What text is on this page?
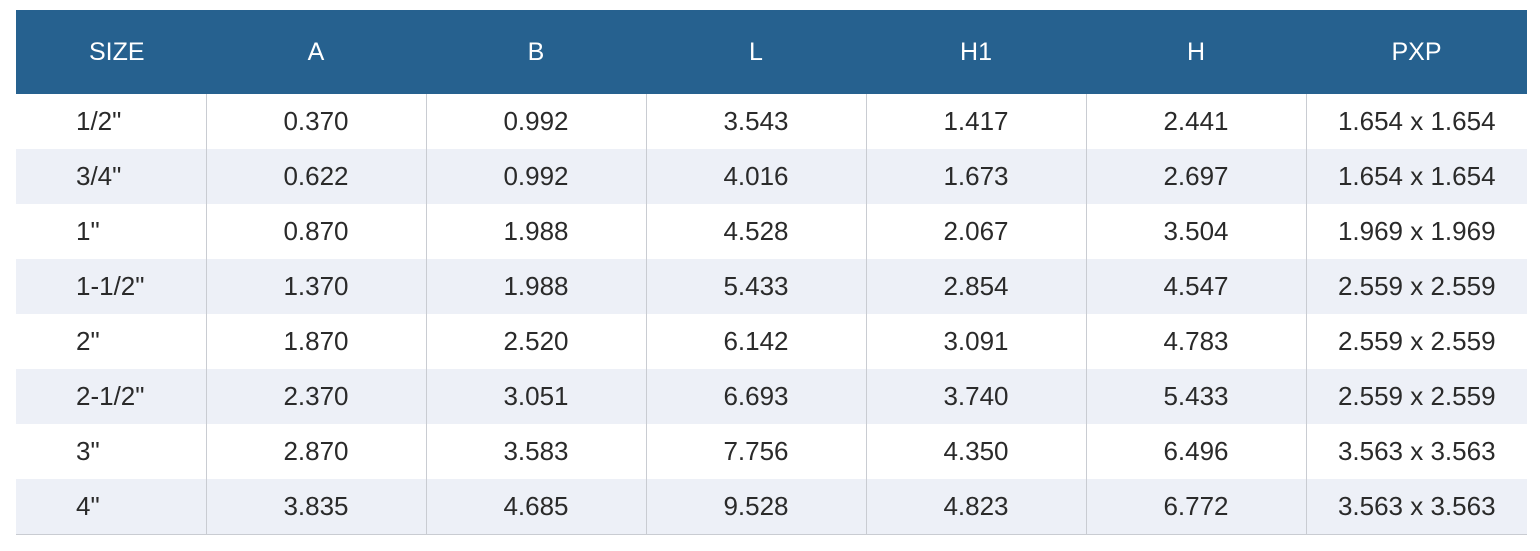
SIZE	A	B	L	H1	H	PXP
1/2"	0.370	0.992	3.543	1.417	2.441	1.654 x 1.654
3/4"	0.622	0.992	4.016	1.673	2.697	1.654 x 1.654
1"	0.870	1.988	4.528	2.067	3.504	1.969 x 1.969
1-1/2"	1.370	1.988	5.433	2.854	4.547	2.559 x 2.559
2"	1.870	2.520	6.142	3.091	4.783	2.559 x 2.559
2-1/2"	2.370	3.051	6.693	3.740	5.433	2.559 x 2.559
3"	2.870	3.583	7.756	4.350	6.496	3.563 x 3.563
4"	3.835	4.685	9.528	4.823	6.772	3.563 x 3.563
